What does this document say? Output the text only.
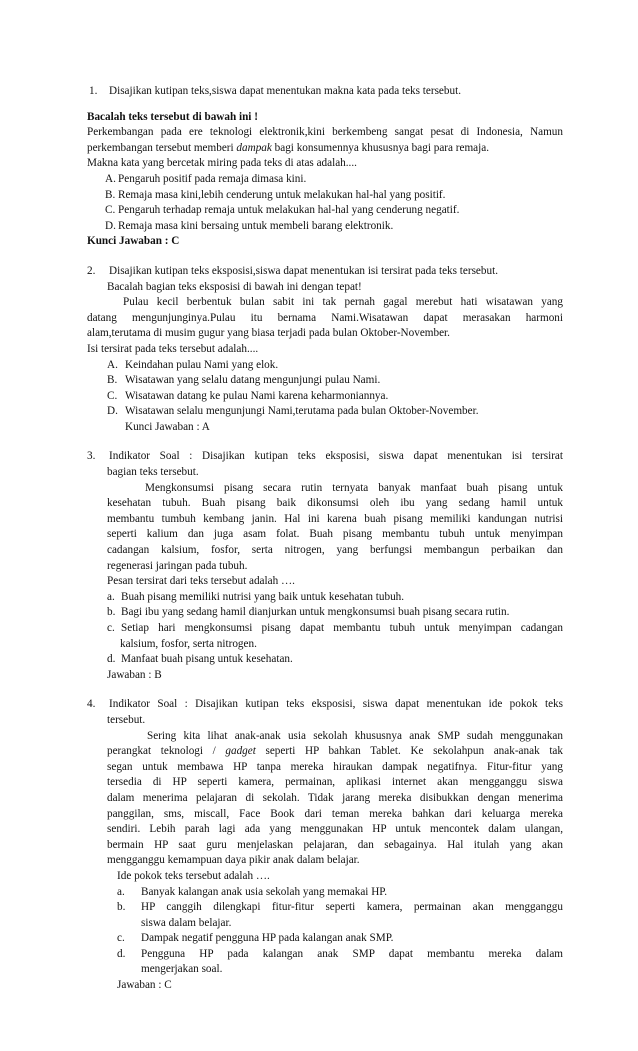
1.	Disajikan kutipan teks,siswa dapat menentukan makna kata pada teks tersebut.

Bacalah teks tersebut di bawah ini !

Perkembangan pada ere teknologi elektronik,kini berkembeng sangat pesat di Indonesia, Namun perkembangan tersebut memberi dampak bagi konsumennya khususnya bagi para remaja.

Makna kata yang bercetak miring pada teks di atas adalah....

A. Pengaruh positif pada remaja dimasa kini.
B. Remaja masa kini,lebih cenderung untuk melakukan hal-hal yang positif.
C. Pengaruh terhadap remaja untuk melakukan hal-hal yang cenderung negatif.
D. Remaja masa kini bersaing untuk membeli barang elektronik.

Kunci Jawaban : C

2.	Disajikan kutipan teks eksposisi,siswa dapat menentukan isi tersirat pada teks tersebut.

Bacalah bagian teks eksposisi di bawah ini dengan tepat!

Pulau kecil berbentuk bulan sabit ini tak pernah gagal merebut hati wisatawan yang

datang mengunjunginya.Pulau itu bernama Nami.Wisatawan dapat merasakan harmoni

alam,terutama di musim gugur yang biasa terjadi pada bulan Oktober-November.

Isi tersirat pada teks tersebut adalah....

A. Keindahan pulau Nami yang elok.
B. Wisatawan yang selalu datang mengunjungi pulau Nami.
C. Wisatawan datang ke pulau Nami karena keharmoniannya.
D. Wisatawan selalu mengunjungi Nami,terutama pada bulan Oktober-November.

Kunci Jawaban : A

3.	Indikator Soal : Disajikan kutipan teks eksposisi, siswa dapat menentukan isi tersirat

bagian teks tersebut.

Mengkonsumsi pisang secara rutin ternyata banyak manfaat buah pisang untuk

kesehatan tubuh. Buah pisang baik dikonsumsi oleh ibu yang sedang hamil untuk

membantu tumbuh kembang janin. Hal ini karena buah pisang memiliki kandungan nutrisi

seperti kalium dan juga asam folat. Buah pisang membantu tubuh untuk menyimpan

cadangan kalsium, fosfor, serta nitrogen, yang berfungsi membangun perbaikan dan

regenerasi jaringan pada tubuh.

Pesan tersirat dari teks tersebut adalah ….

a. Buah pisang memiliki nutrisi yang baik untuk kesehatan tubuh.
b. Bagi ibu yang sedang hamil dianjurkan untuk mengkonsumsi buah pisang secara rutin.
c. Setiap hari mengkonsumsi pisang dapat membantu tubuh untuk menyimpan cadangan

kalsium, fosfor, serta nitrogen.

d. Manfaat buah pisang untuk kesehatan.

Jawaban : B

4.	Indikator Soal : Disajikan kutipan teks eksposisi, siswa dapat menentukan ide pokok teks

tersebut.

Sering kita lihat anak-anak usia sekolah khususnya anak SMP sudah menggunakan

perangkat teknologi / gadget seperti HP bahkan Tablet. Ke sekolahpun anak-anak tak

segan untuk membawa HP tanpa mereka hiraukan dampak negatifnya. Fitur-fitur yang

tersedia di HP seperti kamera, permainan, aplikasi internet akan mengganggu siswa

dalam menerima pelajaran di sekolah. Tidak jarang mereka disibukkan dengan menerima

panggilan, sms, miscall, Face Book dari teman mereka bahkan dari keluarga mereka

sendiri. Lebih parah lagi ada yang menggunakan HP untuk mencontek dalam ulangan,

bermain HP saat guru menjelaskan pelajaran, dan sebagainya. Hal itulah yang akan

mengganggu kemampuan daya pikir anak dalam belajar.

Ide pokok teks tersebut adalah ….

a.	Banyak kalangan anak usia sekolah yang memakai HP.
b.	HP canggih dilengkapi fitur-fitur seperti kamera, permainan akan mengganggu

siswa dalam belajar.

c.	Dampak negatif pengguna HP pada kalangan anak SMP.
d.	Pengguna HP pada kalangan anak SMP dapat membantu mereka dalam

mengerjakan soal.

Jawaban : C
